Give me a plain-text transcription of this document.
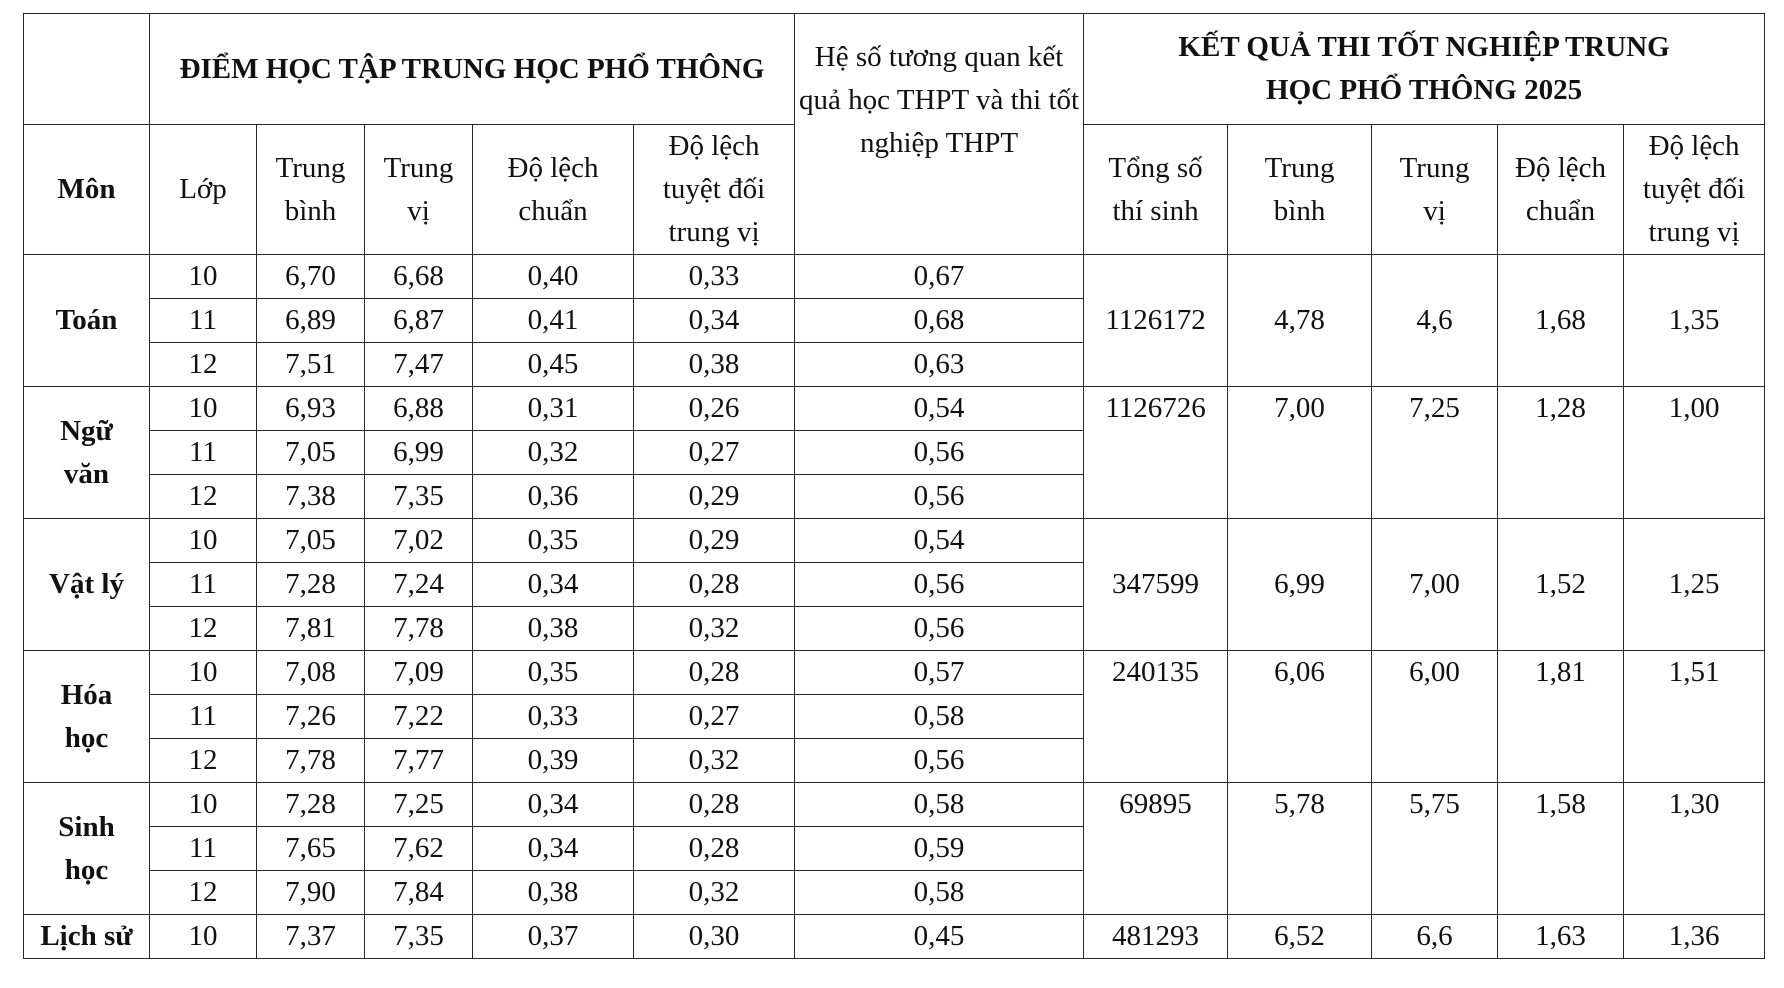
	ĐIỂM HỌC TẬP TRUNG HỌC PHỔ THÔNG					Hệ số tương quan kết quả học THPT và thi tốt nghiệp THPT	KẾT QUẢ THI TỐT NGHIỆP TRUNG HỌC PHỔ THÔNG 2025				
Môn	Lớp	Trung bình	Trung vị	Độ lệch chuẩn	Độ lệch tuyệt đối trung vị		Tổng số thí sinh	Trung bình	Trung vị	Độ lệch chuẩn	Độ lệch tuyệt đối trung vị
Toán	10	6,70	6,68	0,40	0,33	0,67	1126172	4,78	4,6	1,68	1,35
	11	6,89	6,87	0,41	0,34	0,68					
	12	7,51	7,47	0,45	0,38	0,63					
Ngữ văn	10	6,93	6,88	0,31	0,26	0,54	1126726	7,00	7,25	1,28	1,00
	11	7,05	6,99	0,32	0,27	0,56					
	12	7,38	7,35	0,36	0,29	0,56					
Vật lý	10	7,05	7,02	0,35	0,29	0,54	347599	6,99	7,00	1,52	1,25
	11	7,28	7,24	0,34	0,28	0,56					
	12	7,81	7,78	0,38	0,32	0,56					
Hóa học	10	7,08	7,09	0,35	0,28	0,57	240135	6,06	6,00	1,81	1,51
	11	7,26	7,22	0,33	0,27	0,58					
	12	7,78	7,77	0,39	0,32	0,56					
Sinh học	10	7,28	7,25	0,34	0,28	0,58	69895	5,78	5,75	1,58	1,30
	11	7,65	7,62	0,34	0,28	0,59					
	12	7,90	7,84	0,38	0,32	0,58					
Lịch sử	10	7,37	7,35	0,37	0,30	0,45	481293	6,52	6,6	1,63	1,36
